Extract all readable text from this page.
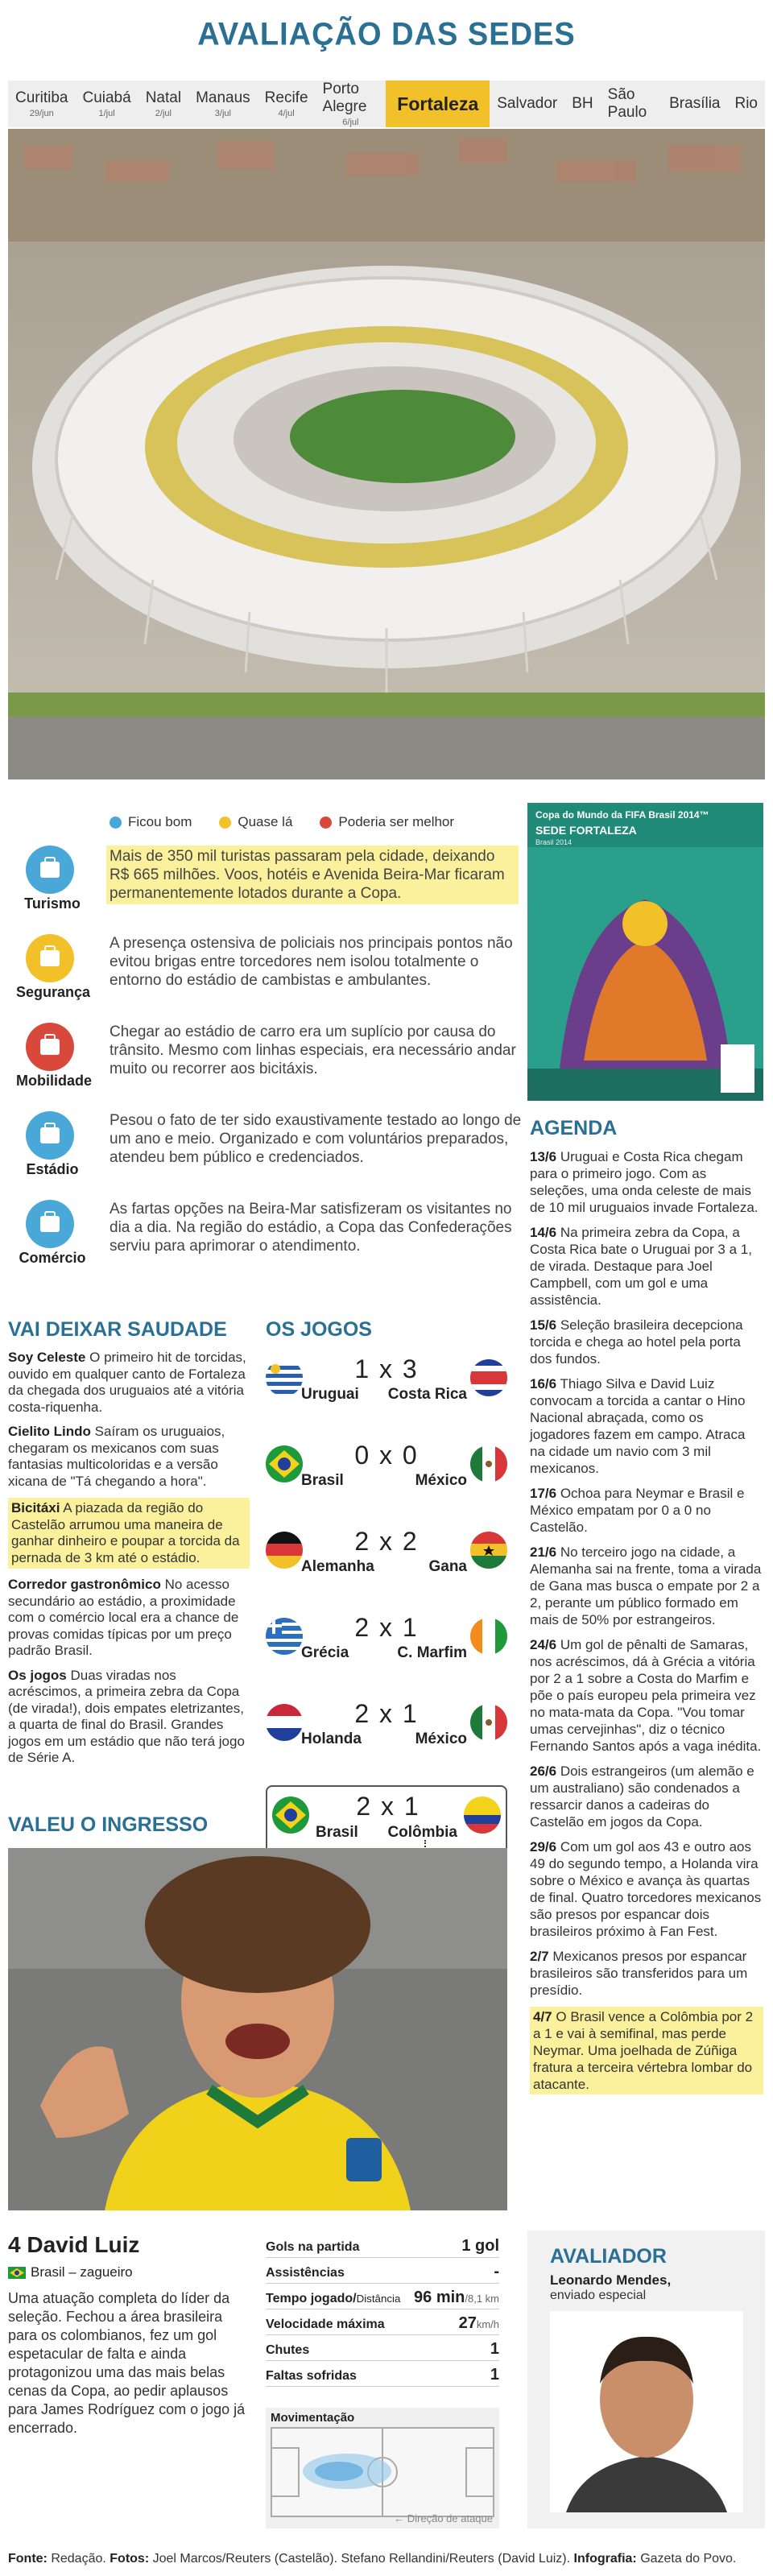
AVALIAÇÃO DAS SEDES
Curitiba
29/jun
Cuiabá
1/jul
Natal
2/jul
Manaus
3/jul
Recife
4/jul
Porto Alegre
6/jul
Fortaleza Salvador BH
São Paulo
Brasília Rio
Ficou bom	Quase lá	Poderia ser melhor
Turismo
Mais de 350 mil turistas passaram pela cidade, deixando R$ 665 milhões. Voos, hotéis e Avenida Beira-Mar ficaram permanentemente lotados durante a Copa.
Segurança
A presença ostensiva de policiais nos principais pontos não evitou brigas entre torcedores nem isolou totalmente o entorno do estádio de cambistas e ambulantes.
Mobilidade
Chegar ao estádio de carro era um suplício por causa do trânsito. Mesmo com linhas especiais, era necessário andar muito ou recorrer aos bicitáxis.
Estádio
Pesou o fato de ter sido exaustivamente testado ao longo de um ano e meio. Organizado e com voluntários preparados, atendeu bem público e credenciados.
Comércio
As fartas opções na Beira-Mar satisfizeram os visitantes no dia a dia. Na região do estádio, a Copa das Confederações serviu para aprimorar o atendimento.
Copa do Mundo da FIFA Brasil 2014™
SEDE FORTALEZA
Brasil 2014
AGENDA
13/6 Uruguai e Costa Rica chegam para o primeiro jogo. Com as seleções, uma onda celeste de mais de 10 mil uruguaios invade Fortaleza.
14/6 Na primeira zebra da Copa, a Costa Rica bate o Uruguai por 3 a 1, de virada. Destaque para Joel Campbell, com um gol e uma assistência.
15/6 Seleção brasileira decepciona torcida e chega ao hotel pela porta dos fundos.
16/6 Thiago Silva e David Luiz convocam a torcida a cantar o Hino Nacional abraçada, como os jogadores fazem em campo. Atraca na cidade um navio com 3 mil mexicanos.
17/6 Ochoa para Neymar e Brasil e México empatam por 0 a 0 no Castelão.
21/6 No terceiro jogo na cidade, a Alemanha sai na frente, toma a virada de Gana mas busca o empate por 2 a 2, perante um público formado em mais de 50% por estrangeiros.
24/6 Um gol de pênalti de Samaras, nos acréscimos, dá à Grécia a vitória por 2 a 1 sobre a Costa do Marfim e põe o país europeu pela primeira vez no mata-mata da Copa. "Vou tomar umas cervejinhas", diz o técnico Fernando Santos após a vaga inédita.
26/6 Dois estrangeiros (um alemão e um australiano) são condenados a ressarcir danos a cadeiras do Castelão em jogos da Copa.
29/6 Com um gol aos 43 e outro aos 49 do segundo tempo, a Holanda vira sobre o México e avança às quartas de final. Quatro torcedores mexicanos são presos por espancar dois brasileiros próximo à Fan Fest.
2/7 Mexicanos presos por espancar brasileiros são transferidos para um presídio.
4/7 O Brasil vence a Colômbia por 2 a 1 e vai à semifinal, mas perde Neymar. Uma joelhada de Zúñiga fratura a terceira vértebra lombar do atacante.
VAI DEIXAR SAUDADE
Soy Celeste O primeiro hit de torcidas, ouvido em qualquer canto de Fortaleza da chegada dos uruguaios até a vitória costa-riquenha.
Cielito Lindo Saíram os uruguaios, chegaram os mexicanos com suas fantasias multicoloridas e a versão xicana de "Tá chegando a hora".
Bicitáxi A piazada da região do Castelão arrumou uma maneira de ganhar dinheiro e poupar a torcida da pernada de 3 km até o estádio.
Corredor gastronômico No acesso secundário ao estádio, a proximidade com o comércio local era a chance de provas comidas típicas por um preço padrão Brasil.
Os jogos Duas viradas nos acréscimos, a primeira zebra da Copa (de virada!), dois empates eletrizantes, a quarta de final do Brasil. Grandes jogos em um estádio que não terá jogo de Série A.
OS JOGOS
1 x 3
Uruguai Costa Rica
0 x 0
Brasil	México
2 x 2
Alemanha	Gana
2 x 1
Grécia	C. Marfim
2 x 1
Holanda	México
2 x 1
Brasil Colômbia
VALEU O INGRESSO
4 David Luiz
Brasil – zagueiro
Uma atuação completa do líder da seleção. Fechou a área brasileira para os colombianos, fez um gol espetacular de falta e ainda protagonizou uma das mais belas cenas da Copa, ao pedir aplausos para James Rodríguez com o jogo já encerrado.
Gols na partida	1 gol
Assistências	-
Tempo jogado/Distância 96 min/8,1 km
Velocidade máxima	27km/h
Chutes	1
Faltas sofridas	1
Movimentação
← Direção de ataque
AVALIADOR
Leonardo Mendes,
enviado especial
Fonte: Redação. Fotos: Joel Marcos/Reuters (Castelão). Stefano Rellandini/Reuters (David Luiz). Infografia: Gazeta do Povo.
